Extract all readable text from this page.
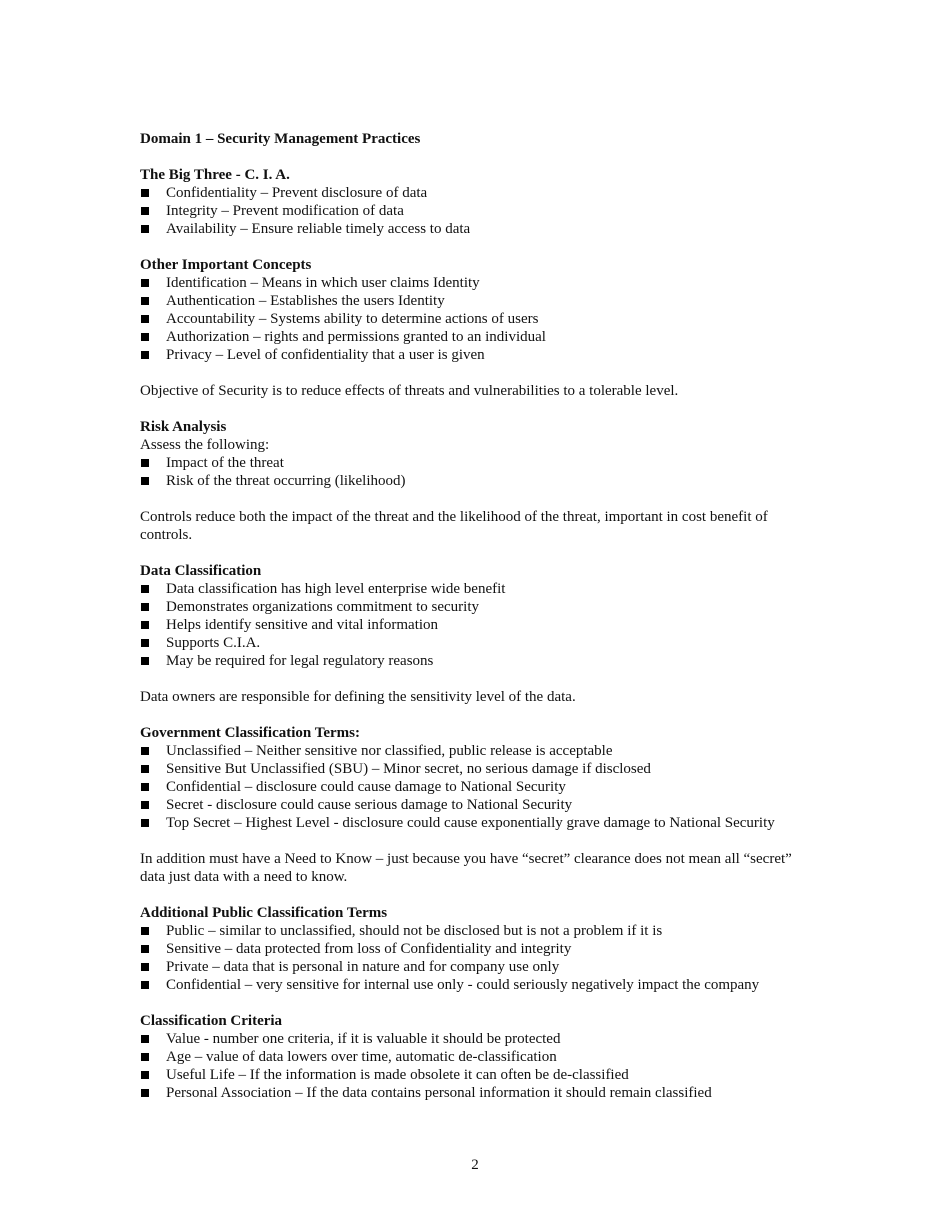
Domain 1 – Security Management Practices
The Big Three - C. I. A.
Confidentiality – Prevent disclosure of data
Integrity – Prevent modification of data
Availability – Ensure reliable timely access to data
Other Important Concepts
Identification – Means in which user claims Identity
Authentication – Establishes the users Identity
Accountability – Systems ability to determine actions of users
Authorization – rights and permissions granted to an individual
Privacy – Level of confidentiality that a user is given
Objective of Security is to reduce effects of threats and vulnerabilities to a tolerable level.
Risk Analysis
Assess the following:
Impact of the threat
Risk of the threat occurring (likelihood)
Controls reduce both the impact of the threat and the likelihood of the threat, important in cost benefit of controls.
Data Classification
Data classification has high level enterprise wide benefit
Demonstrates organizations commitment to security
Helps identify sensitive and vital information
Supports C.I.A.
May be required for legal regulatory reasons
Data owners are responsible for defining the sensitivity level of the data.
Government Classification Terms:
Unclassified – Neither sensitive nor classified, public release is acceptable
Sensitive But Unclassified (SBU) – Minor secret, no serious damage if disclosed
Confidential – disclosure could cause damage to National Security
Secret - disclosure could cause serious damage to National Security
Top Secret – Highest Level - disclosure could cause exponentially grave damage to National Security
In addition must have a Need to Know – just because you have “secret” clearance does not mean all “secret” data just data with a need to know.
Additional Public Classification Terms
Public – similar to unclassified, should not be disclosed but is not a problem if it is
Sensitive – data protected from loss of Confidentiality and integrity
Private – data that is personal in nature and for company use only
Confidential – very sensitive for internal use only - could seriously negatively impact the company
Classification Criteria
Value - number one criteria, if it is valuable it should be protected
Age – value of data lowers over time, automatic de-classification
Useful Life – If the information is made obsolete it can often be de-classified
Personal Association – If the data contains personal information it should remain classified
2
